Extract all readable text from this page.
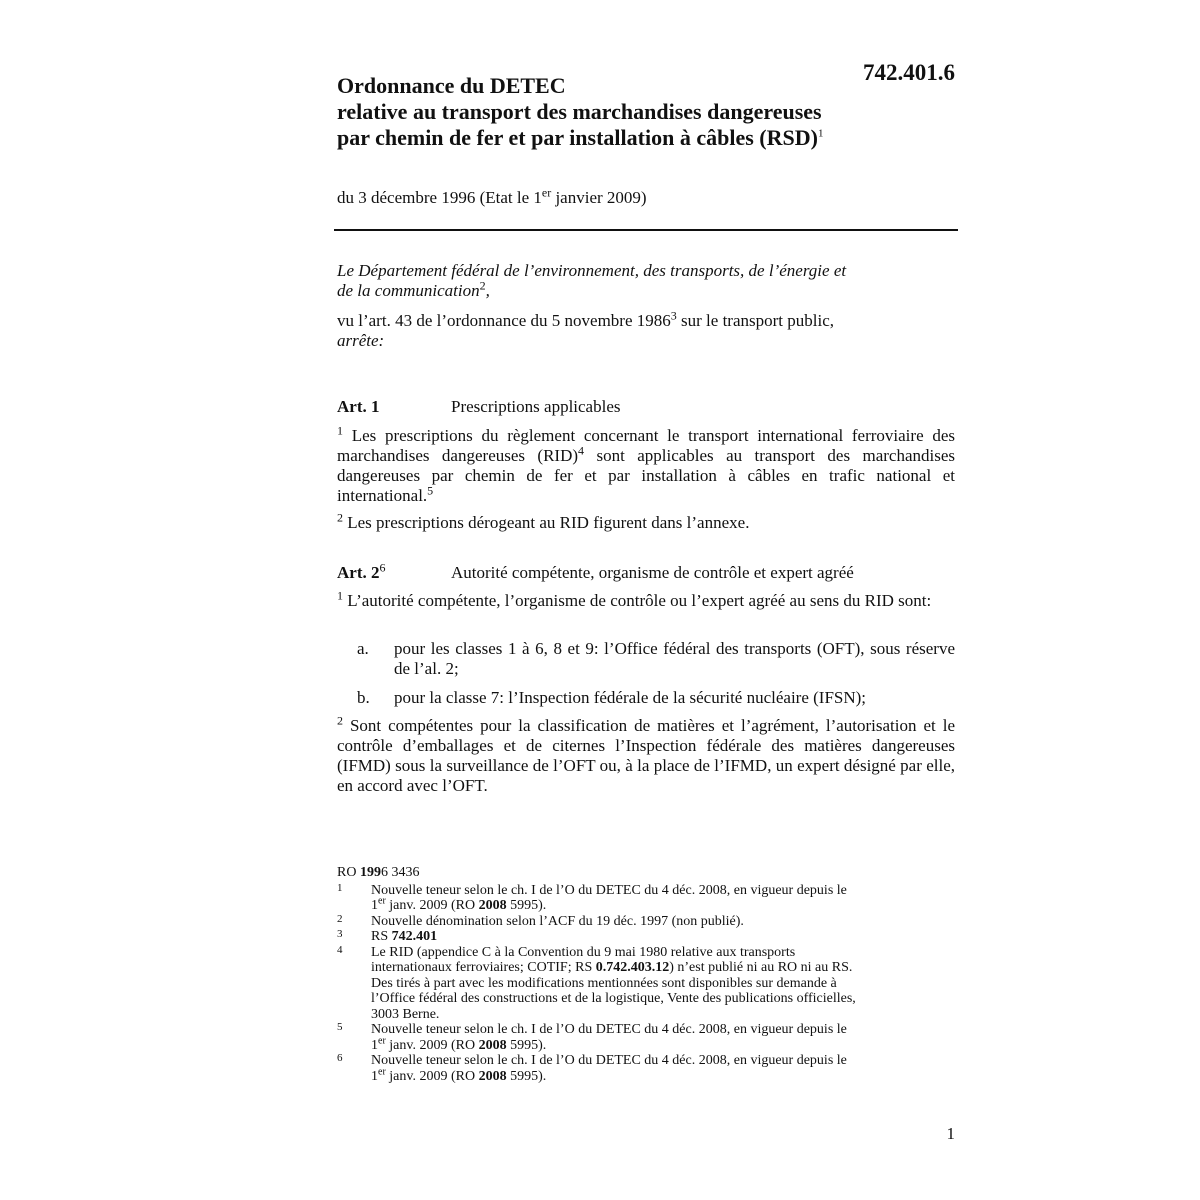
742.401.6
Ordonnance du DETEC
relative au transport des marchandises dangereuses
par chemin de fer et par installation à câbles (RSD)$^1$
du 3 décembre 1996 (Etat le 1er janvier 2009)
Le Département fédéral de l’environnement, des transports, de l’énergie et
de la communication$^2$,
vu l’art. 43 de l’ordonnance du 5 novembre 1986$^3$ sur le transport public,
arrête:
Art. 1	Prescriptions applicables
$^1$ Les prescriptions du règlement concernant le transport international ferroviaire des marchandises dangereuses (RID)$^4$ sont applicables au transport des marchandises dangereuses par chemin de fer et par installation à câbles en trafic national et international.$^5$
$^2$ Les prescriptions dérogeant au RID figurent dans l’annexe.
Art. $2^6$	Autorité compétente, organisme de contrôle et expert agréé
$^1$ L’autorité compétente, l’organisme de contrôle ou l’expert agréé au sens du RID sont:
a. pour les classes 1 à 6, 8 et 9: l’Office fédéral des transports (OFT), sous réserve de l’al. 2;
b. pour la classe 7: l’Inspection fédérale de la sécurité nucléaire (IFSN);
$^2$ Sont compétentes pour la classification de matières et l’agrément, l’autorisation et le contrôle d’emballages et de citernes l’Inspection fédérale des matières dangereuses (IFMD) sous la surveillance de l’OFT ou, à la place de l’IFMD, un expert désigné par elle, en accord avec l’OFT.
RO 1996 3436
1 Nouvelle teneur selon le ch. I de l’O du DETEC du 4 déc. 2008, en vigueur depuis le
1er janv. 2009 (RO 2008 5995).
2 Nouvelle dénomination selon l’ACF du 19 déc. 1997 (non publié).
3 RS 742.401
4 Le RID (appendice C à la Convention du 9 mai 1980 relative aux transports
internationaux ferroviaires; COTIF; RS 0.742.403.12) n’est publié ni au RO ni au RS.
Des tirés à part avec les modifications mentionnées sont disponibles sur demande à
l’Office fédéral des constructions et de la logistique, Vente des publications officielles,
3003 Berne.
5 Nouvelle teneur selon le ch. I de l’O du DETEC du 4 déc. 2008, en vigueur depuis le
1er janv. 2009 (RO 2008 5995).
6 Nouvelle teneur selon le ch. I de l’O du DETEC du 4 déc. 2008, en vigueur depuis le
1er janv. 2009 (RO 2008 5995).
1
